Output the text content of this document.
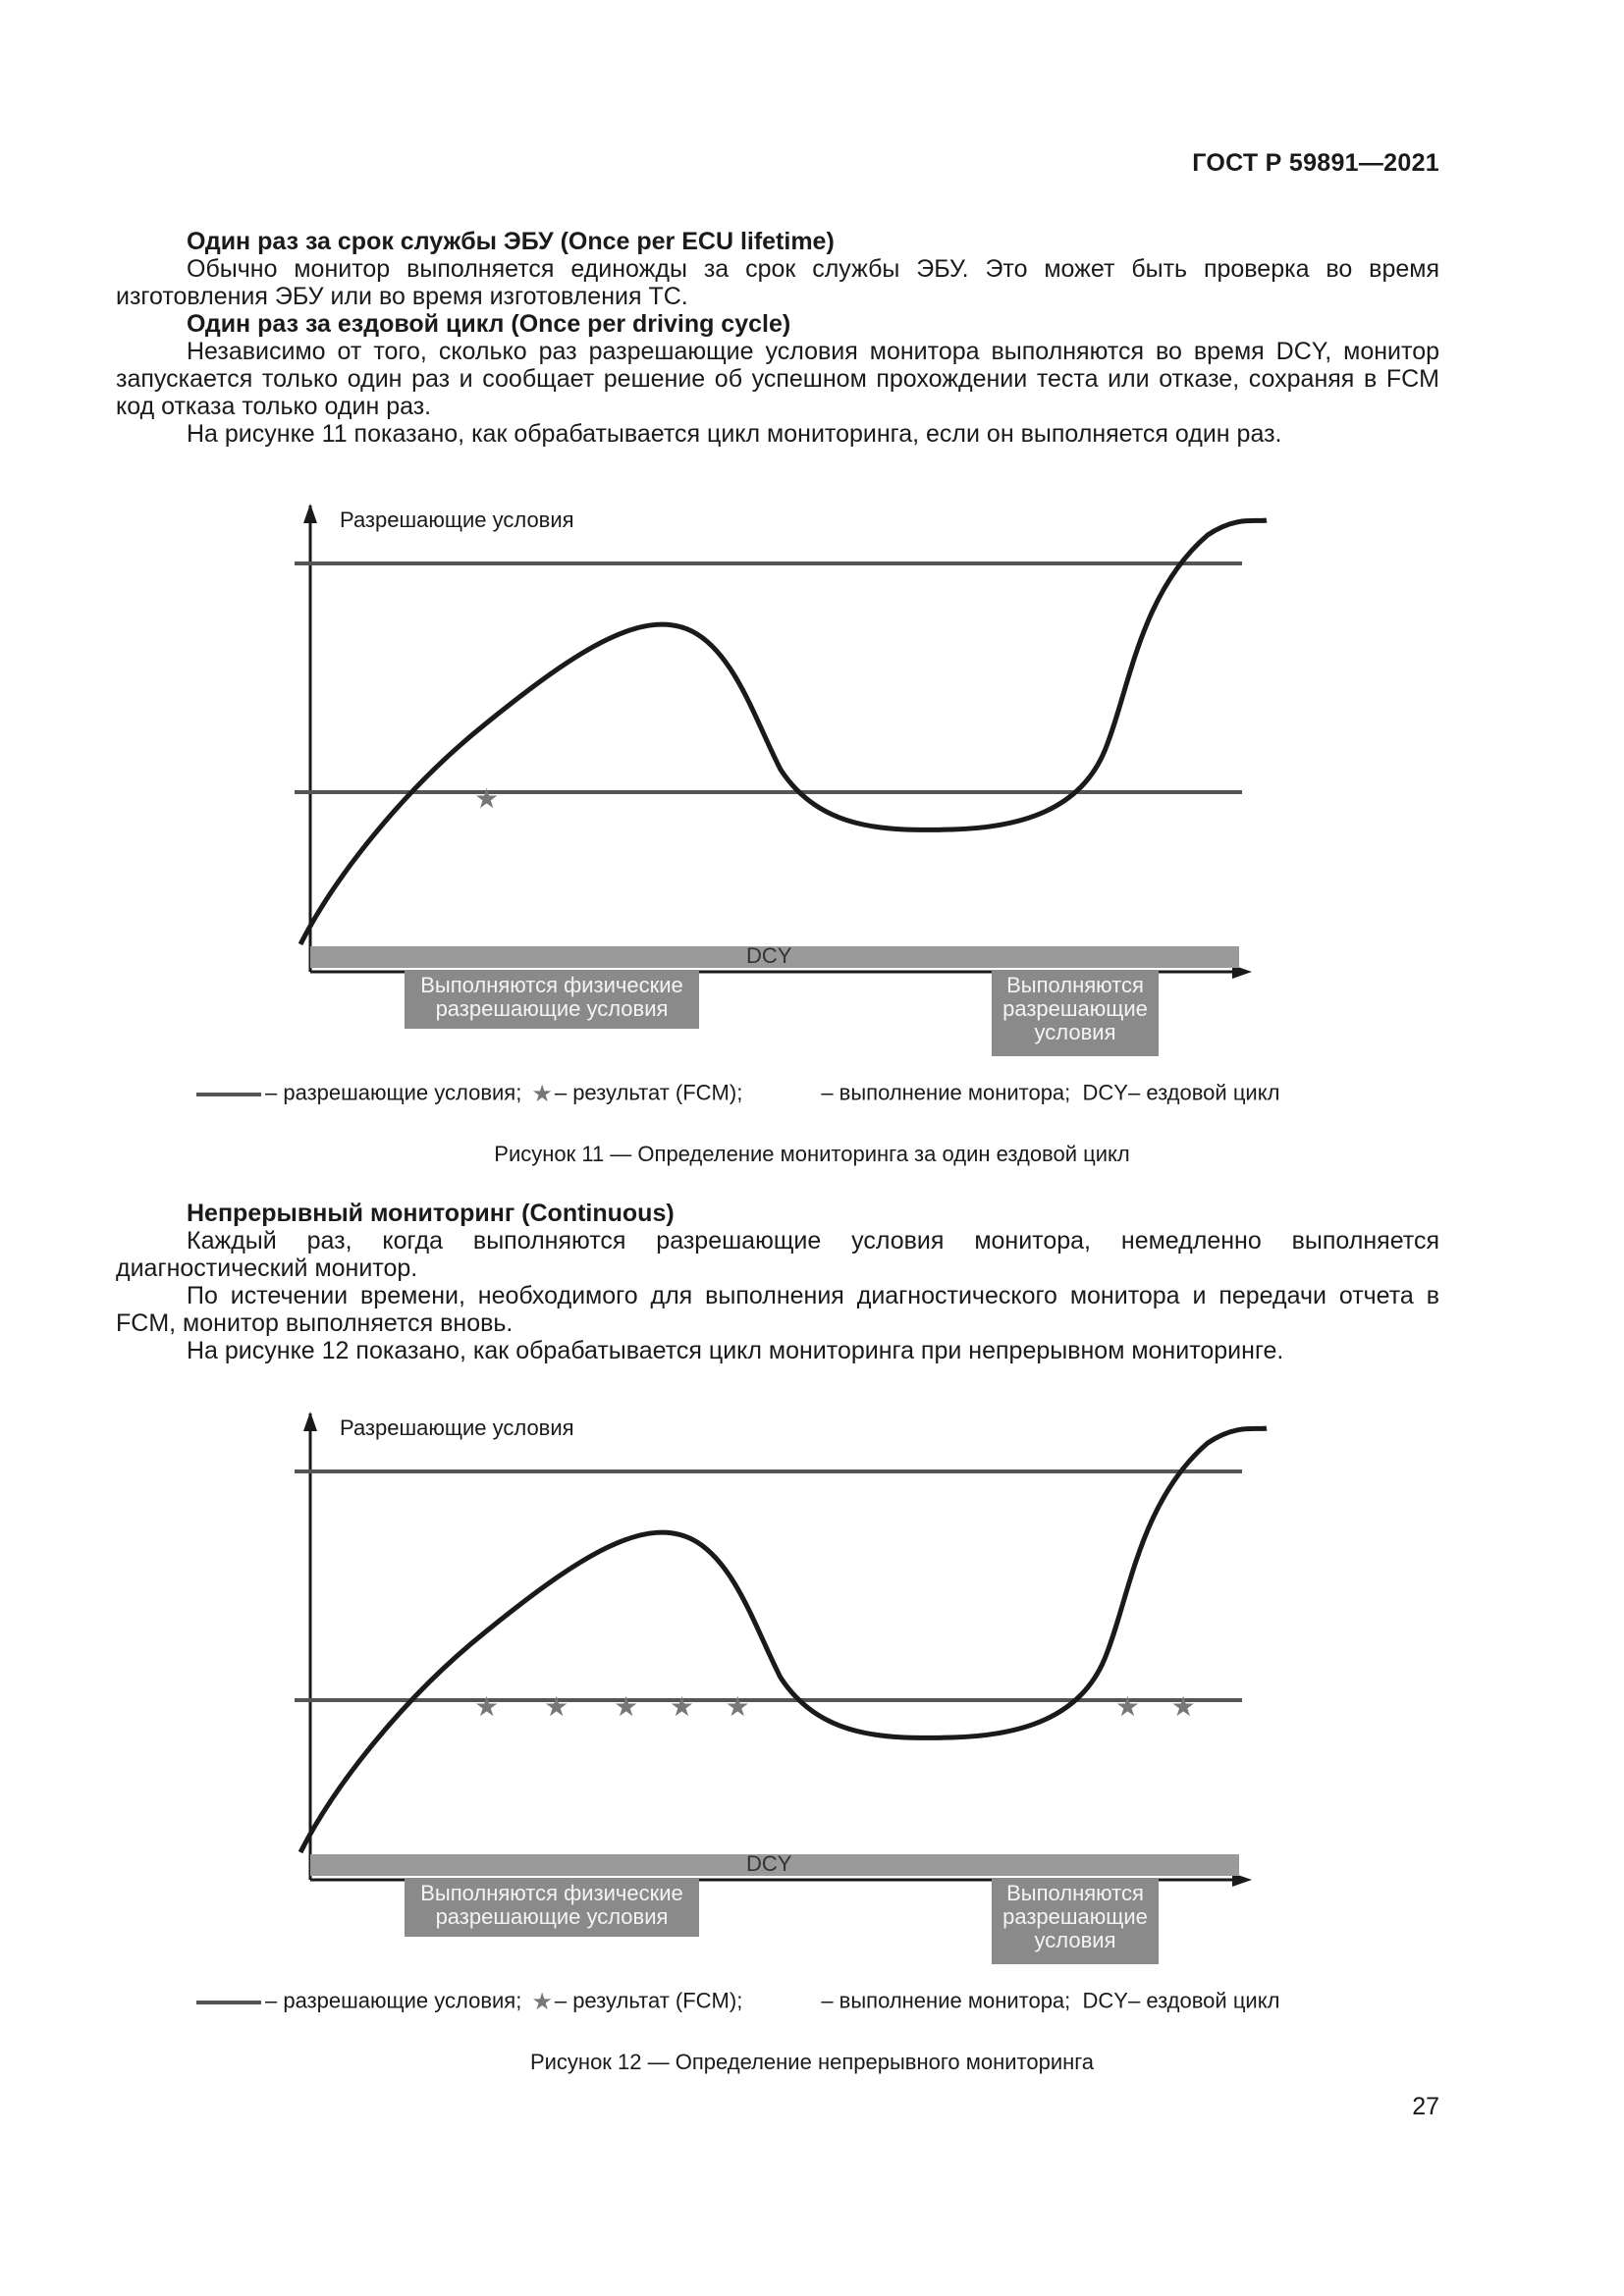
ГОСТ Р 59891—2021
Один раз за срок службы ЭБУ (Once per ECU lifetime)

Обычно монитор выполняется единожды за срок службы ЭБУ. Это может быть проверка во время изготовления ЭБУ или во время изготовления ТС.

Один раз за ездовой цикл (Once per driving cycle)

Независимо от того, сколько раз разрешающие условия монитора выполняются во время DCY, монитор запускается только один раз и сообщает решение об успешном прохождении теста или отказе, сохраняя в FCM код отказа только один раз.

На рисунке 11 показано, как обрабатывается цикл мониторинга, если он выполняется один раз.

★
Разрешающие условия
DCY
Выполняются физические разрешающие условия
Выполняются разрешающие условия
– разрешающие условия; ★– результат (FCM);	– выполнение монитора; DCY– ездовой цикл
Рисунок 11 — Определение мониторинга за один ездовой цикл
Непрерывный мониторинг (Continuous)

Каждый раз, когда выполняются разрешающие условия монитора, немедленно выполняется диагностический монитор.

По истечении времени, необходимого для выполнения диагностического монитора и передачи отчета в FCM, монитор выполняется вновь.

На рисунке 12 показано, как обрабатывается цикл мониторинга при непрерывном мониторинге.

★ ★ ★ ★ ★	★ ★
Разрешающие условия
DCY
Выполняются физические разрешающие условия
Выполняются разрешающие условия
– разрешающие условия; ★– результат (FCM);	– выполнение монитора; DCY– ездовой цикл
Рисунок 12 — Определение непрерывного мониторинга
27
